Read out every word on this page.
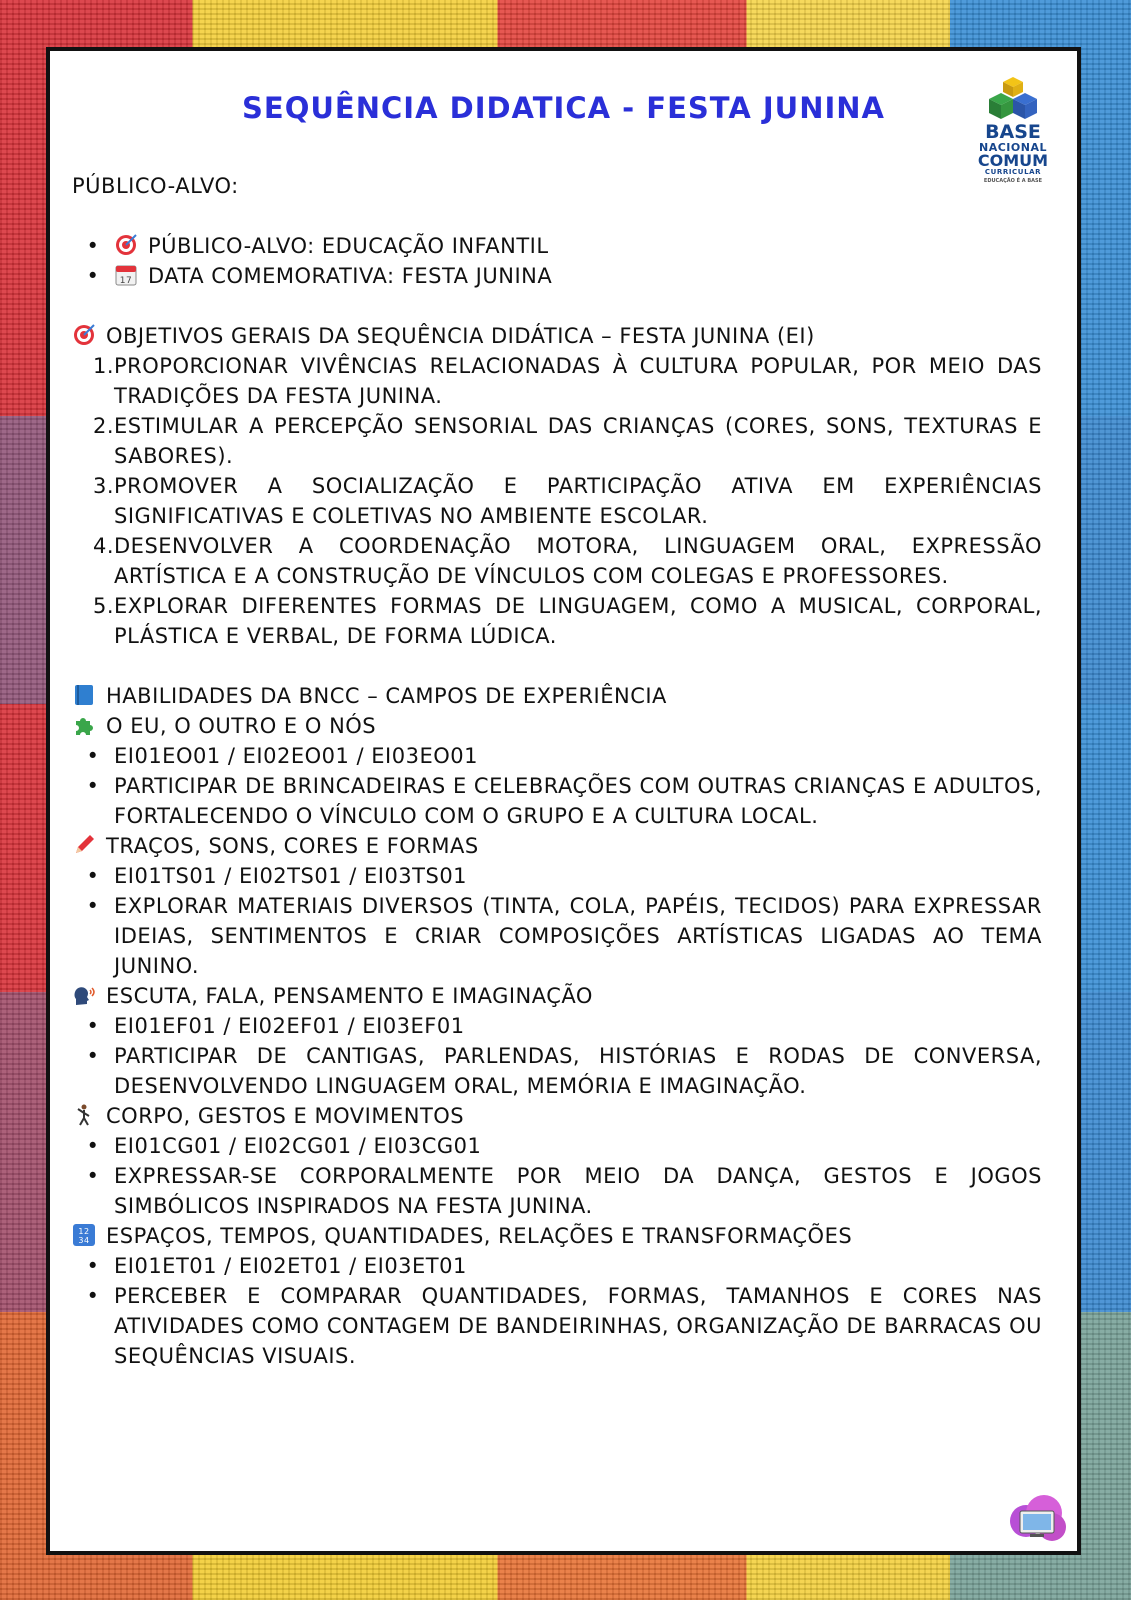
BASE
NACIONAL
COMUM
CURRICULAR
EDUCAÇÃO É A BASE
SEQUÊNCIA DIDATICA - FESTA JUNINA
PÚBLICO-ALVO:
•	PÚBLICO-ALVO: EDUCAÇÃO INFANTIL
•	17 DATA COMEMORATIVA: FESTA JUNINA
OBJETIVOS GERAIS DA SEQUÊNCIA DIDÁTICA – FESTA JUNINA (EI)
1. PROPORCIONAR VIVÊNCIAS RELACIONADAS À CULTURA POPULAR, POR MEIO DAS TRADIÇÕES DA FESTA JUNINA.
2. ESTIMULAR A PERCEPÇÃO SENSORIAL DAS CRIANÇAS (CORES, SONS, TEXTURAS E SABORES).
3. PROMOVER A SOCIALIZAÇÃO E PARTICIPAÇÃO ATIVA EM EXPERIÊNCIAS SIGNIFICATIVAS E COLETIVAS NO AMBIENTE ESCOLAR.
4. DESENVOLVER A COORDENAÇÃO MOTORA, LINGUAGEM ORAL, EXPRESSÃO ARTÍSTICA E A CONSTRUÇÃO DE VÍNCULOS COM COLEGAS E PROFESSORES.
5. EXPLORAR DIFERENTES FORMAS DE LINGUAGEM, COMO A MUSICAL, CORPORAL, PLÁSTICA E VERBAL, DE FORMA LÚDICA.
HABILIDADES DA BNCC – CAMPOS DE EXPERIÊNCIA
O EU, O OUTRO E O NÓS
• EI01EO01 / EI02EO01 / EI03EO01
• PARTICIPAR DE BRINCADEIRAS E CELEBRAÇÕES COM OUTRAS CRIANÇAS E ADULTOS, FORTALECENDO O VÍNCULO COM O GRUPO E A CULTURA LOCAL.
TRAÇOS, SONS, CORES E FORMAS
• EI01TS01 / EI02TS01 / EI03TS01
• EXPLORAR MATERIAIS DIVERSOS (TINTA, COLA, PAPÉIS, TECIDOS) PARA EXPRESSAR IDEIAS, SENTIMENTOS E CRIAR COMPOSIÇÕES ARTÍSTICAS LIGADAS AO TEMA JUNINO.
ESCUTA, FALA, PENSAMENTO E IMAGINAÇÃO
• EI01EF01 / EI02EF01 / EI03EF01
• PARTICIPAR DE CANTIGAS, PARLENDAS, HISTÓRIAS E RODAS DE CONVERSA, DESENVOLVENDO LINGUAGEM ORAL, MEMÓRIA E IMAGINAÇÃO.
CORPO, GESTOS E MOVIMENTOS
• EI01CG01 / EI02CG01 / EI03CG01
• EXPRESSAR-SE CORPORALMENTE POR MEIO DA DANÇA, GESTOS E JOGOS SIMBÓLICOS INSPIRADOS NA FESTA JUNINA.
12
34 ESPAÇOS, TEMPOS, QUANTIDADES, RELAÇÕES E TRANSFORMAÇÕES
• EI01ET01 / EI02ET01 / EI03ET01
• PERCEBER E COMPARAR QUANTIDADES, FORMAS, TAMANHOS E CORES NAS ATIVIDADES COMO CONTAGEM DE BANDEIRINHAS, ORGANIZAÇÃO DE BARRACAS OU SEQUÊNCIAS VISUAIS.
